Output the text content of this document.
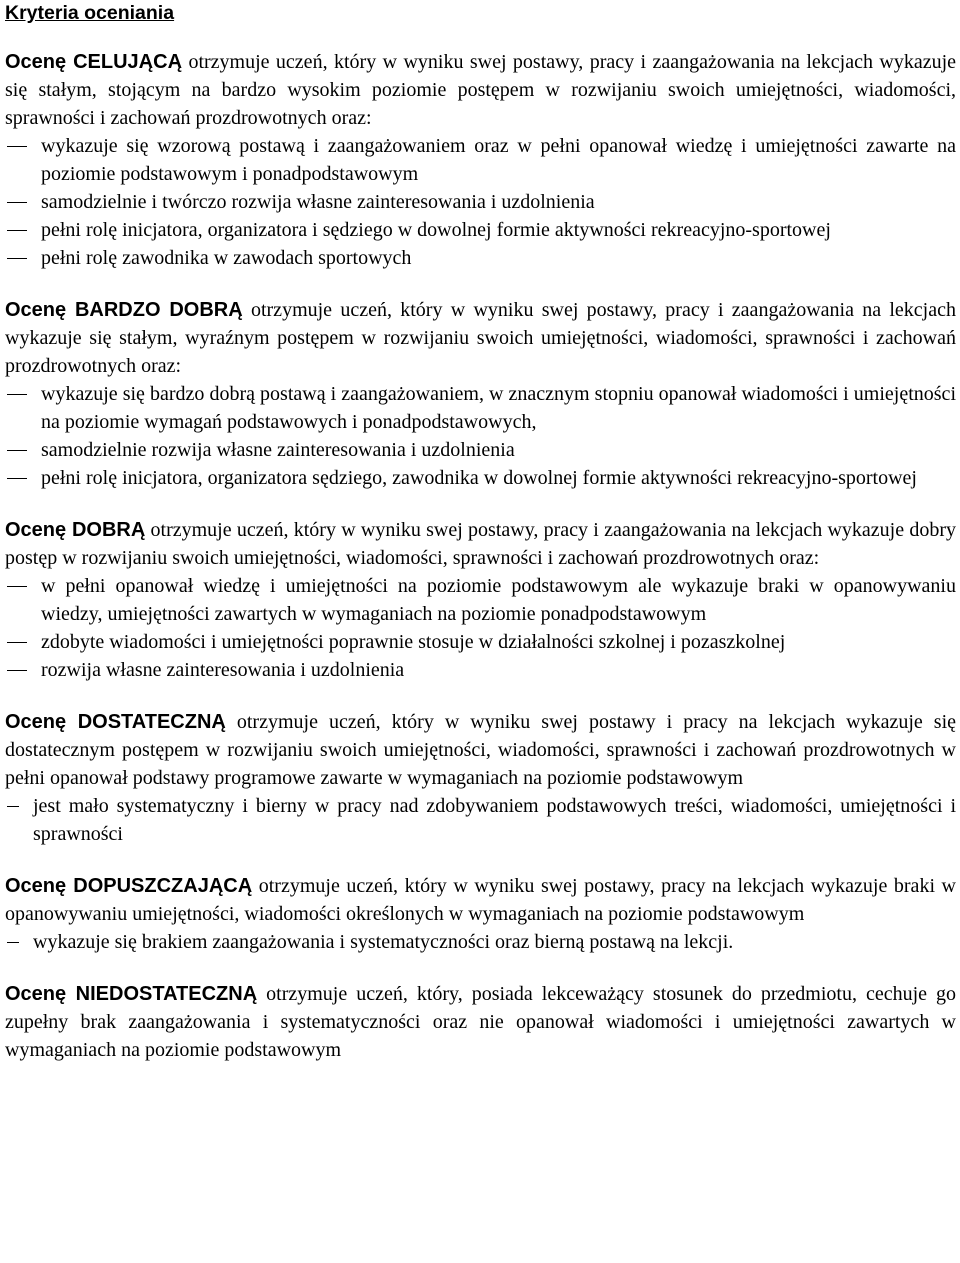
Kryteria oceniania

Ocenę CELUJĄCĄ otrzymuje uczeń, który w wyniku swej postawy, pracy i zaangażowania na lekcjach wykazuje się stałym, stojącym na bardzo wysokim poziomie postępem w rozwijaniu swoich umiejętności, wiadomości, sprawności i zachowań prozdrowotnych oraz:

wykazuje się wzorową postawą i zaangażowaniem oraz w pełni opanował wiedzę i umiejętności zawarte na poziomie podstawowym i ponadpodstawowym
samodzielnie i twórczo rozwija własne zainteresowania i uzdolnienia
pełni rolę inicjatora, organizatora i sędziego w dowolnej formie aktywności rekreacyjno-sportowej
pełni rolę zawodnika w zawodach sportowych

Ocenę BARDZO DOBRĄ otrzymuje uczeń, który w wyniku swej postawy, pracy i zaangażowania na lekcjach wykazuje się stałym, wyraźnym postępem w rozwijaniu swoich umiejętności, wiadomości, sprawności i zachowań prozdrowotnych oraz:

wykazuje się bardzo dobrą postawą i zaangażowaniem, w znacznym stopniu opanował wiadomości i umiejętności na poziomie wymagań podstawowych i ponadpodstawowych,
samodzielnie rozwija własne zainteresowania i uzdolnienia
pełni rolę inicjatora, organizatora sędziego, zawodnika w dowolnej formie aktywności rekreacyjno-sportowej

Ocenę DOBRĄ otrzymuje uczeń, który w wyniku swej postawy, pracy i zaangażowania na lekcjach wykazuje dobry postęp w rozwijaniu swoich umiejętności, wiadomości, sprawności i zachowań prozdrowotnych oraz:

w pełni opanował wiedzę i umiejętności na poziomie podstawowym ale wykazuje braki w opanowywaniu wiedzy, umiejętności zawartych w wymaganiach na poziomie ponadpodstawowym
zdobyte wiadomości i umiejętności poprawnie stosuje w działalności szkolnej i pozaszkolnej
rozwija własne zainteresowania i uzdolnienia

Ocenę DOSTATECZNĄ otrzymuje uczeń, który w wyniku swej postawy i pracy na lekcjach wykazuje się dostatecznym postępem w rozwijaniu swoich umiejętności, wiadomości, sprawności i zachowań prozdrowotnych w pełni opanował podstawy programowe zawarte w wymaganiach na poziomie podstawowym

jest mało systematyczny i bierny w pracy nad zdobywaniem podstawowych treści, wiadomości, umiejętności i sprawności

Ocenę DOPUSZCZAJĄCĄ otrzymuje uczeń, który w wyniku swej postawy, pracy na lekcjach wykazuje braki w opanowywaniu umiejętności, wiadomości określonych w wymaganiach na poziomie podstawowym

wykazuje się brakiem zaangażowania i systematyczności oraz bierną postawą na lekcji.

Ocenę NIEDOSTATECZNĄ otrzymuje uczeń, który, posiada lekceważący stosunek do przedmiotu, cechuje go zupełny brak zaangażowania i systematyczności oraz nie opanował wiadomości i umiejętności zawartych w wymaganiach na poziomie podstawowym
